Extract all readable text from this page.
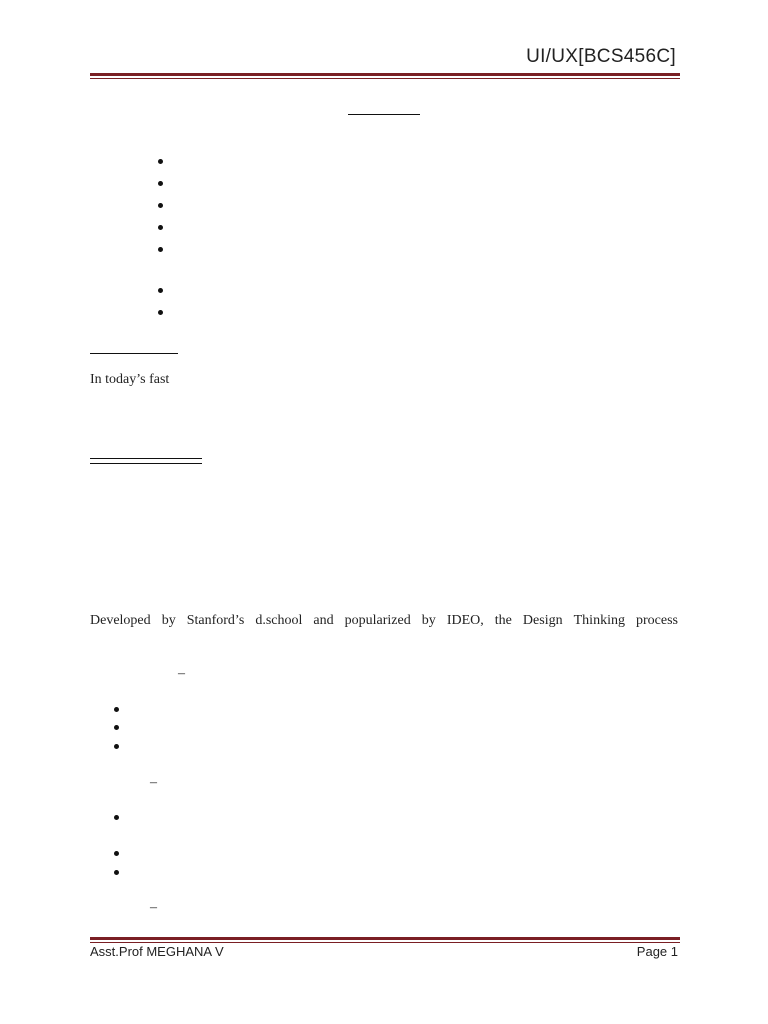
UI/UX[BCS456C]
In today’s fast
Developed by Stanford’s d.school and popularized by IDEO, the Design Thinking process
–
–
–
Asst.Prof MEGHANA V	Page 1
